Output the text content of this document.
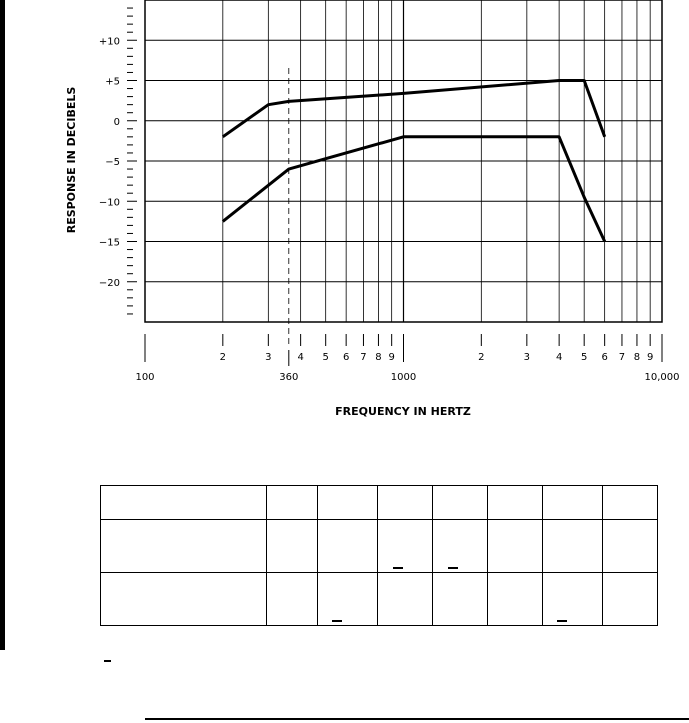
+10
+5
0
−5
−10
−15
−20
2	3	4 5 6 7 8 9	2	3	4 5 6 7 8 9
100	1000	10,000
360
FREQUENCY IN HERTZ
RESPONSE IN DECIBELS
